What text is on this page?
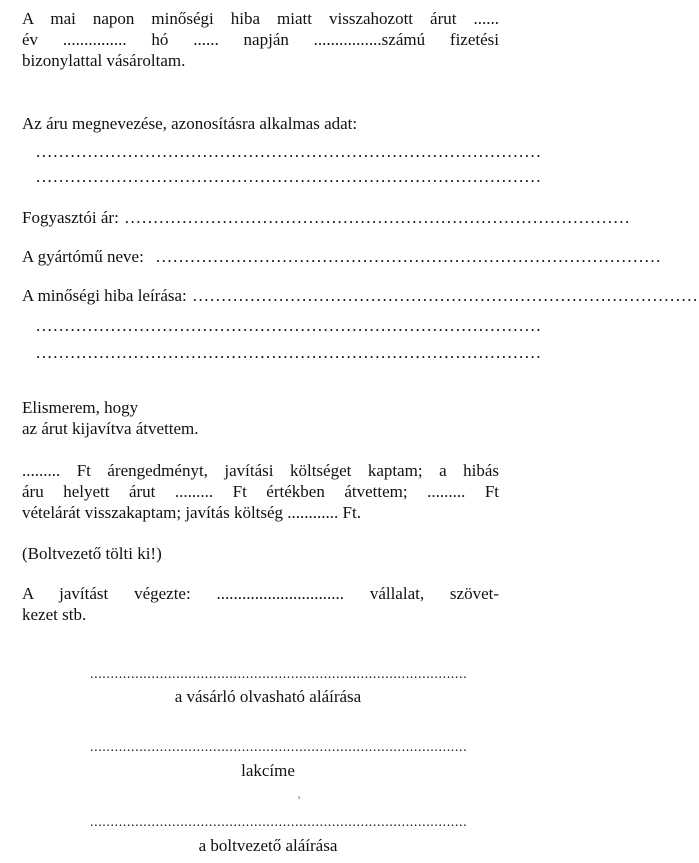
A mai napon minőségi hiba miatt visszahozott árut ......
év ............... hó ...... napján ................számú fizetési
bizonylattal vásároltam.
Az áru megnevezése, azonosításra alkalmas adat:
........................................................................................
........................................................................................
Fogyasztói ár: ........................................................................................
A gyártómű neve: ........................................................................................
A minőségi hiba leírása: ........................................................................................
........................................................................................
........................................................................................
Elismerem, hogy
az árut kijavítva átvettem.
......... Ft árengedményt, javítási költséget kaptam; a hibás
áru helyett árut ......... Ft értékben átvettem; ......... Ft
vételárát visszakaptam; javítás költség ............ Ft.
(Boltvezető tölti ki!)
A javítást végezte: .............................. vállalat, szövet-
kezet stb.
............................................................................................
a vásárló olvasható aláírása
............................................................................................
lakcíme
'
............................................................................................
a boltvezető aláírása
